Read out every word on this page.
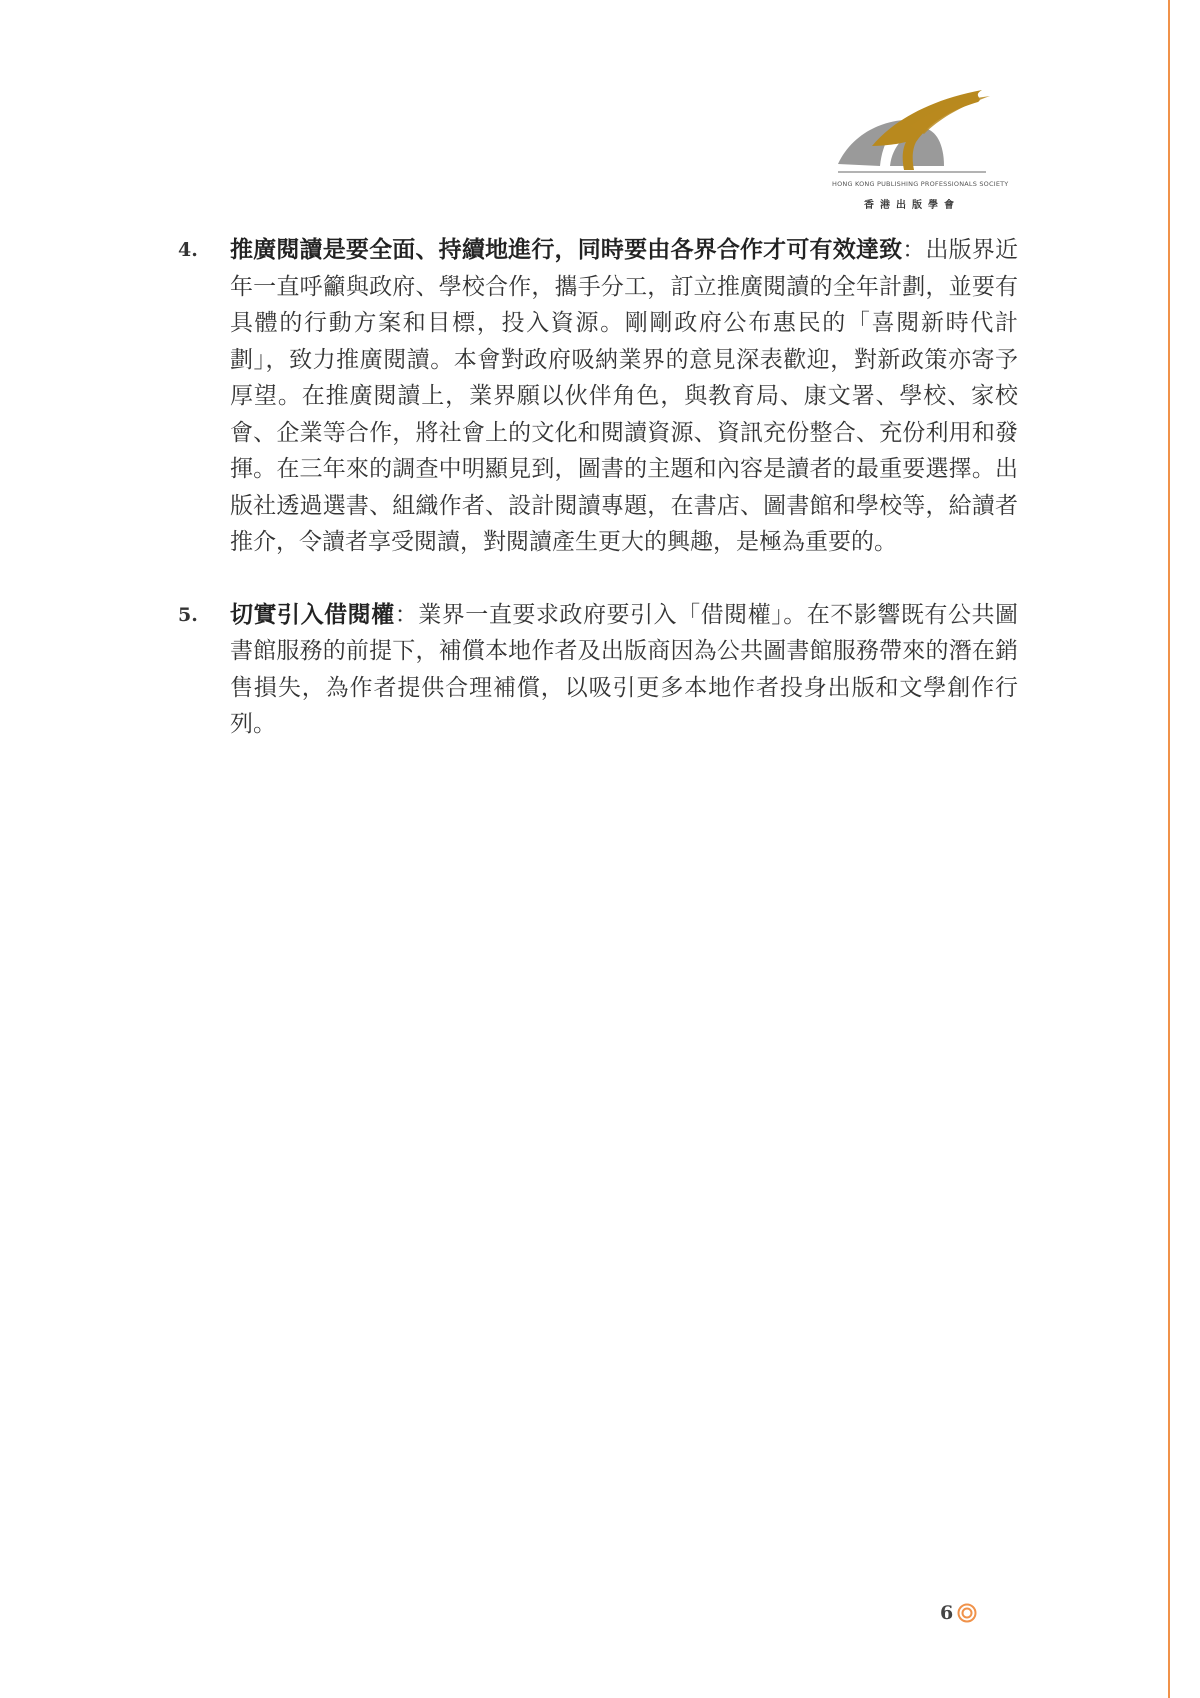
HONG KONG PUBLISHING PROFESSIONALS SOCIETY
香港出版學會
4. 推廣閱讀是要全面、持續地進行，同時要由各界合作才可有效達致：出版界近年一直呼籲與政府、學校合作，攜手分工，訂立推廣閱讀的全年計劃，並要有具體的行動方案和目標，投入資源。剛剛政府公布惠民的「喜閱新時代計劃」，致力推廣閱讀。本會對政府吸納業界的意見深表歡迎，對新政策亦寄予厚望。在推廣閱讀上，業界願以伙伴角色，與教育局、康文署、學校、家校會、企業等合作，將社會上的文化和閱讀資源、資訊充份整合、充份利用和發揮。在三年來的調查中明顯見到，圖書的主題和內容是讀者的最重要選擇。出版社透過選書、組織作者、設計閱讀專題，在書店、圖書館和學校等，給讀者推介，令讀者享受閱讀，對閱讀產生更大的興趣，是極為重要的。
5. 切實引入借閱權：業界一直要求政府要引入「借閱權」。在不影響既有公共圖書館服務的前提下，補償本地作者及出版商因為公共圖書館服務帶來的潛在銷售損失，為作者提供合理補償，以吸引更多本地作者投身出版和文學創作行列。
6
